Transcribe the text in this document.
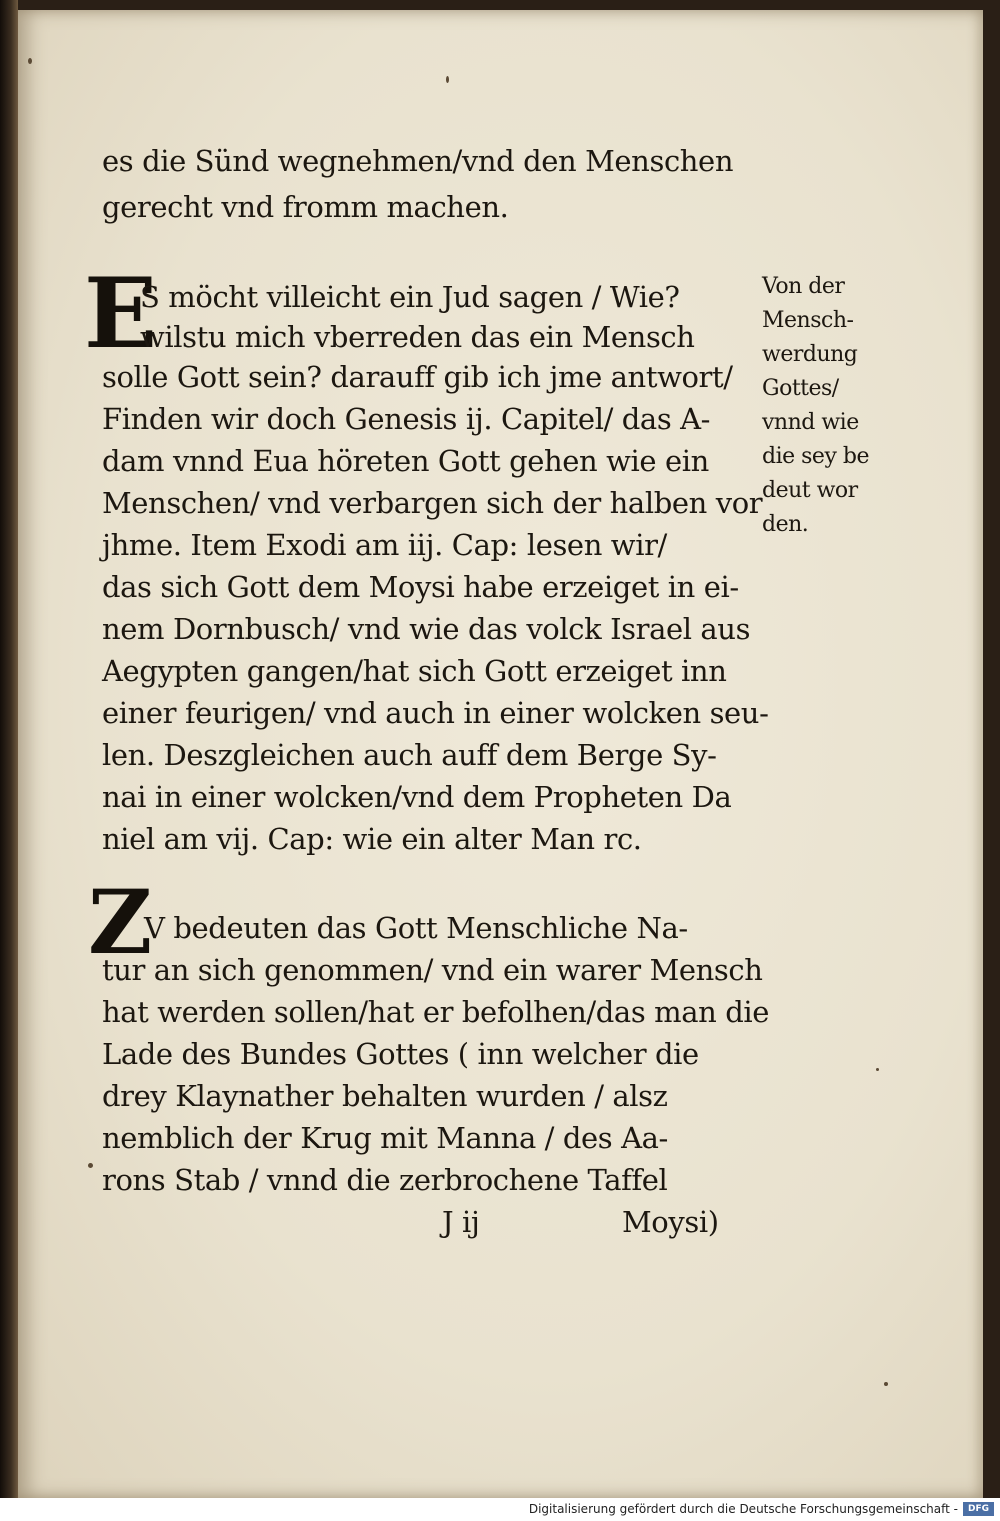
es die Sünd wegnehmen/vnd den Menschen
gerecht vnd fromm machen.
E
S möcht villeicht ein Jud sagen / Wie?
wilstu mich vberreden das ein Mensch
solle Gott sein? darauff gib ich jme antwort/
Finden wir doch Genesis ij. Capitel/ das A-
dam vnnd Eua höreten Gott gehen wie ein
Menschen/ vnd verbargen sich der halben vor
jhme. Item Exodi am iij. Cap: lesen wir/
das sich Gott dem Moysi habe erzeiget in ei-
nem Dornbusch/ vnd wie das volck Israel aus
Aegypten gangen/hat sich Gott erzeiget inn
einer feurigen/ vnd auch in einer wolcken seu-
len. Deszgleichen auch auff dem Berge Sy-
nai in einer wolcken/vnd dem Propheten Da
niel am vij. Cap: wie ein alter Man rc.
Z
V bedeuten das Gott Menschliche Na-
tur an sich genommen/ vnd ein warer Mensch
hat werden sollen/hat er befolhen/das man die
Lade des Bundes Gottes ( inn welcher die
drey Klaynather behalten wurden / alsz
nemblich der Krug mit Manna / des Aa-
rons Stab / vnnd die zerbrochene Taffel
J ij	Moysi)
Von der
Mensch-
werdung
Gottes/
vnnd wie
die sey be
deut wor
den.
Digitalisierung gefördert durch die Deutsche Forschungsgemeinschaft -	DFG
